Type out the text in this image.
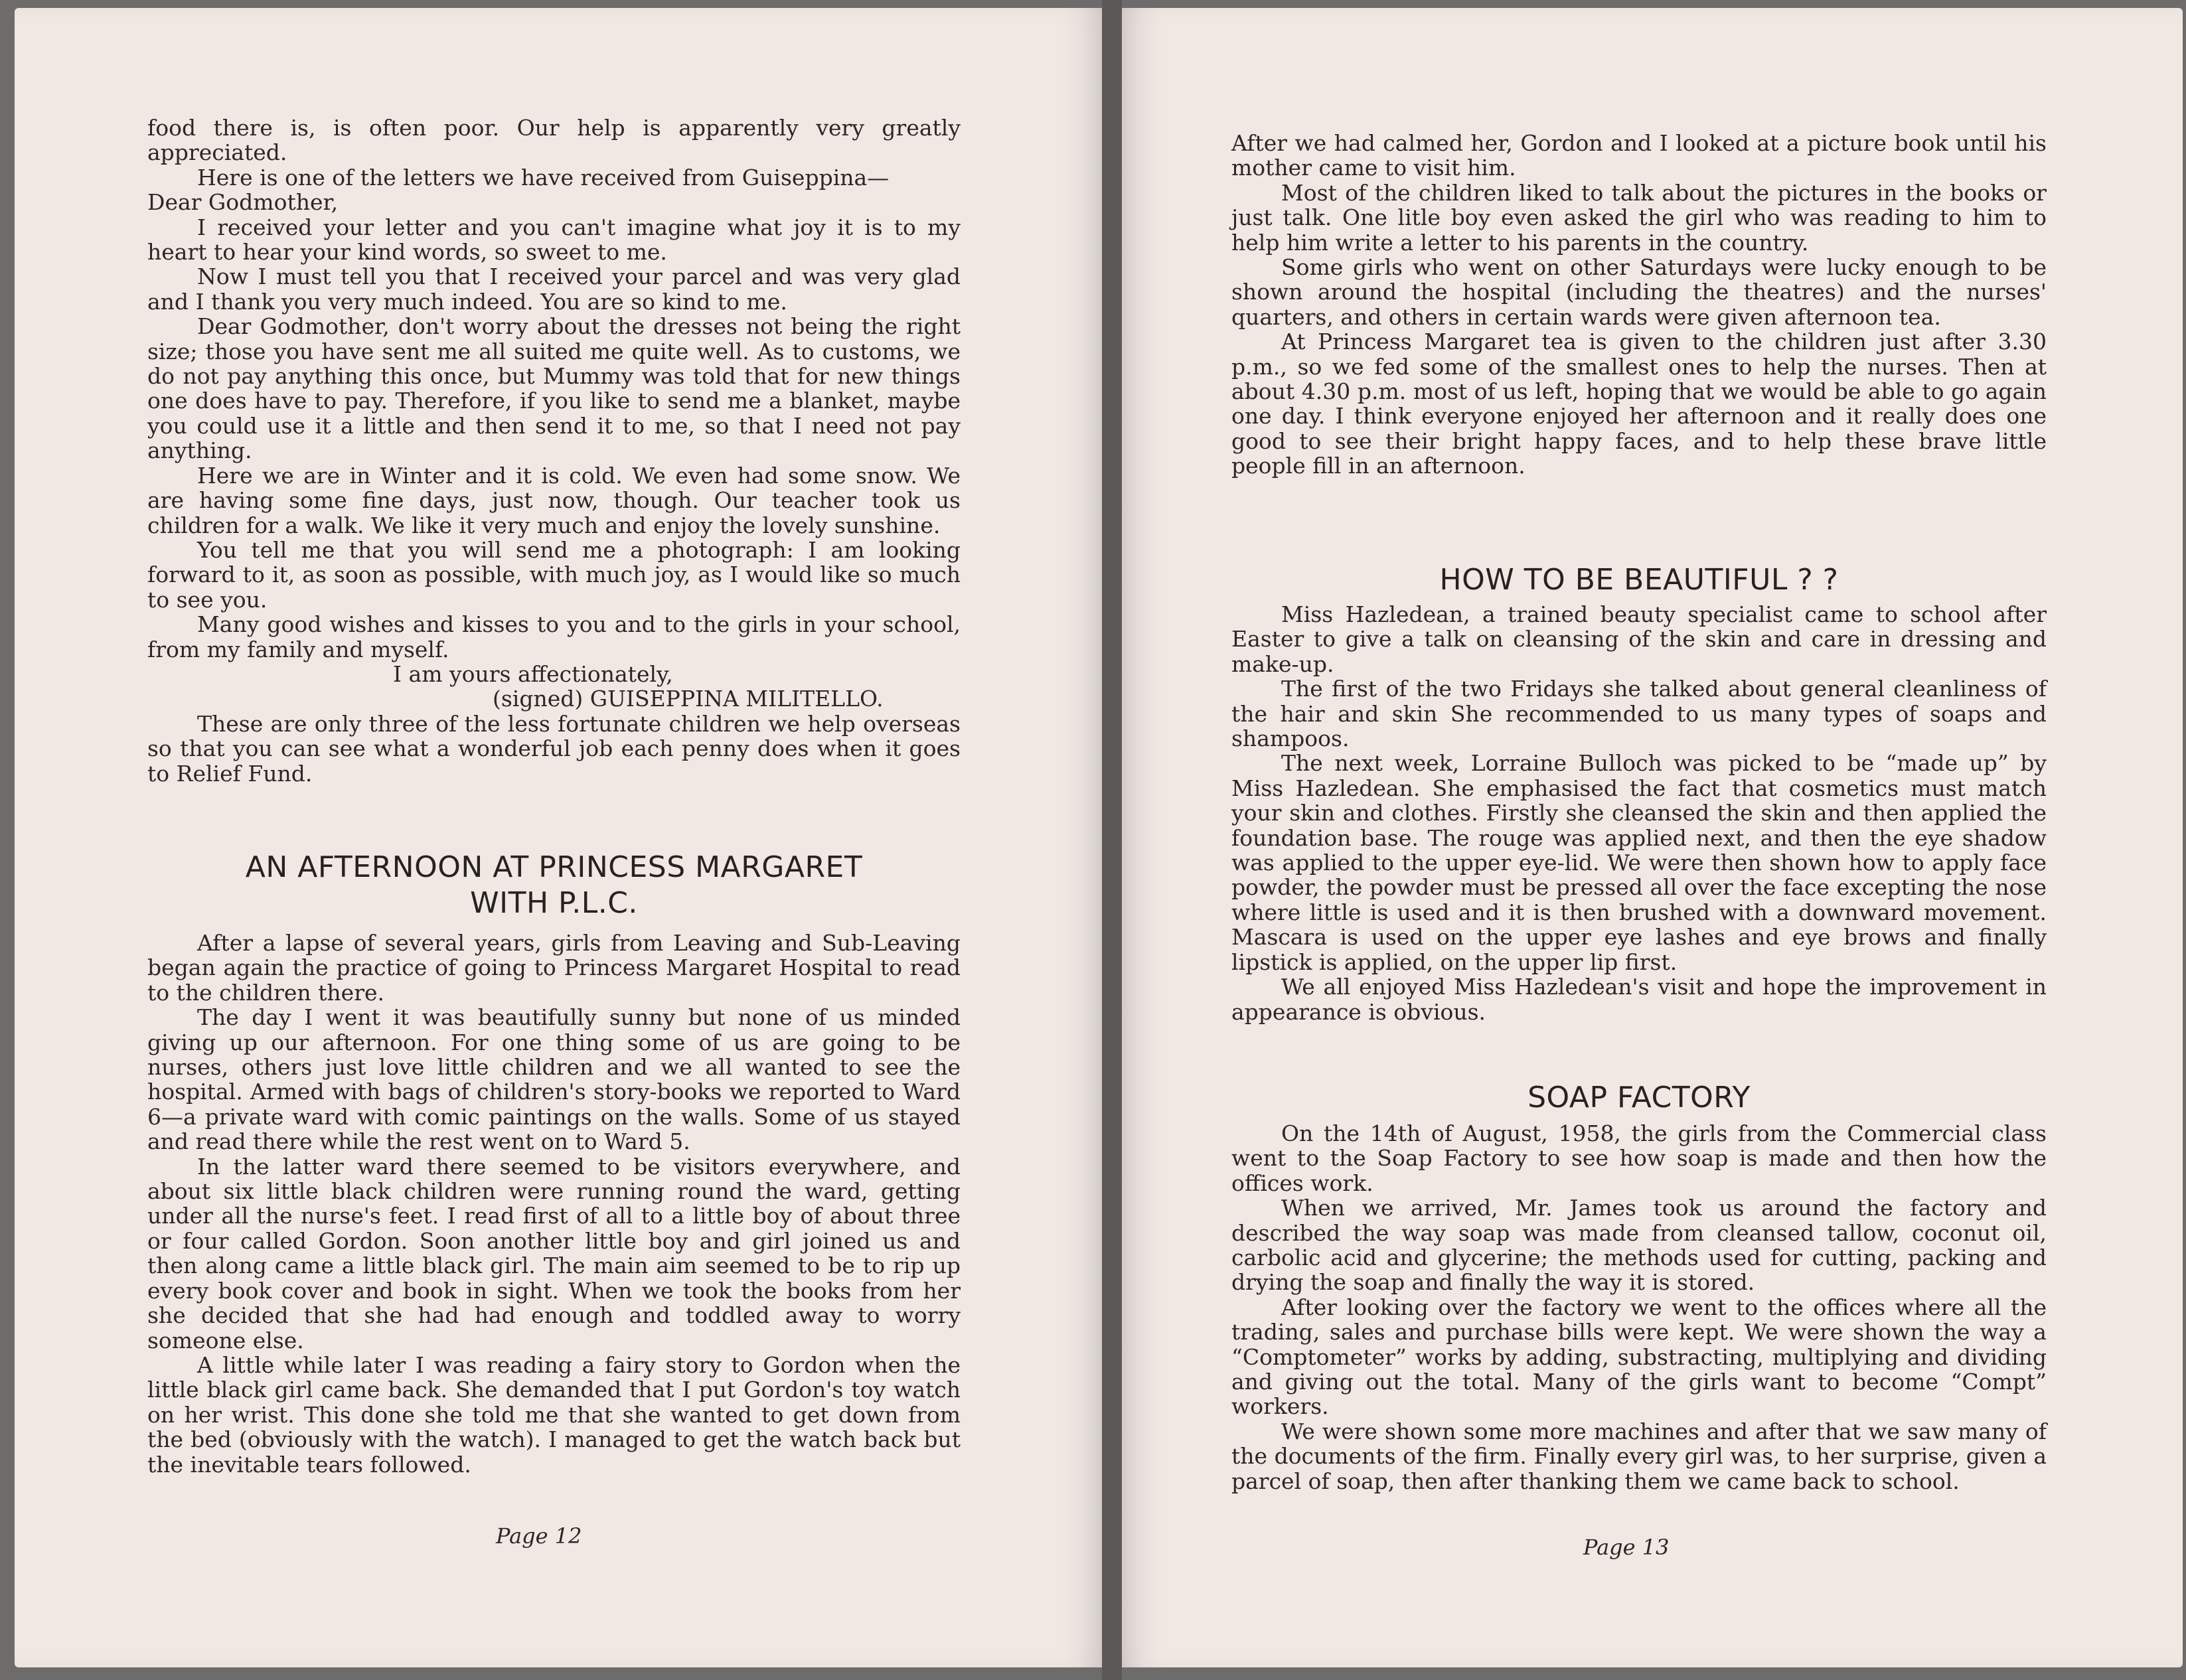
food there is, is often poor. Our help is apparently very greatly appreciated.

Here is one of the letters we have received from Guiseppina—

Dear Godmother,

I received your letter and you can't imagine what joy it is to my heart to hear your kind words, so sweet to me.

Now I must tell you that I received your parcel and was very glad and I thank you very much indeed. You are so kind to me.

Dear Godmother, don't worry about the dresses not being the right size; those you have sent me all suited me quite well. As to customs, we do not pay anything this once, but Mummy was told that for new things one does have to pay. Therefore, if you like to send me a blanket, maybe you could use it a little and then send it to me, so that I need not pay anything.

Here we are in Winter and it is cold. We even had some snow. We are having some fine days, just now, though. Our teacher took us children for a walk. We like it very much and enjoy the lovely sunshine.

You tell me that you will send me a photograph: I am looking forward to it, as soon as possible, with much joy, as I would like so much to see you.

Many good wishes and kisses to you and to the girls in your school, from my family and myself.

I am yours affectionately,

(signed) GUISEPPINA MILITELLO.

These are only three of the less fortunate children we help overseas so that you can see what a wonderful job each penny does when it goes to Relief Fund.

AN AFTERNOON AT PRINCESS MARGARET
WITH P.L.C.

After a lapse of several years, girls from Leaving and Sub-Leaving began again the practice of going to Princess Margaret Hospital to read to the children there.

The day I went it was beautifully sunny but none of us minded giving up our afternoon. For one thing some of us are going to be nurses, others just love little children and we all wanted to see the hospital. Armed with bags of children's story-books we reported to Ward 6—a private ward with comic paintings on the walls. Some of us stayed and read there while the rest went on to Ward 5.

In the latter ward there seemed to be visitors everywhere, and about six little black children were running round the ward, getting under all the nurse's feet. I read first of all to a little boy of about three or four called Gordon. Soon another little boy and girl joined us and then along came a little black girl. The main aim seemed to be to rip up every book cover and book in sight. When we took the books from her she decided that she had had enough and toddled away to worry someone else.

A little while later I was reading a fairy story to Gordon when the little black girl came back. She demanded that I put Gordon's toy watch on her wrist. This done she told me that she wanted to get down from the bed (obviously with the watch). I managed to get the watch back but the inevitable tears followed.

Page 12

After we had calmed her, Gordon and I looked at a picture book until his mother came to visit him.

Most of the children liked to talk about the pictures in the books or just talk. One litle boy even asked the girl who was reading to him to help him write a letter to his parents in the country.

Some girls who went on other Saturdays were lucky enough to be shown around the hospital (including the theatres) and the nurses' quarters, and others in certain wards were given afternoon tea.

At Princess Margaret tea is given to the children just after 3.30 p.m., so we fed some of the smallest ones to help the nurses. Then at about 4.30 p.m. most of us left, hoping that we would be able to go again one day. I think everyone enjoyed her afternoon and it really does one good to see their bright happy faces, and to help these brave little people fill in an afternoon.

HOW TO BE BEAUTIFUL ? ?

Miss Hazledean, a trained beauty specialist came to school after Easter to give a talk on cleansing of the skin and care in dressing and make-up.

The first of the two Fridays she talked about general cleanliness of the hair and skin She recommended to us many types of soaps and shampoos.

The next week, Lorraine Bulloch was picked to be “made up” by Miss Hazledean. She emphasised the fact that cosmetics must match your skin and clothes. Firstly she cleansed the skin and then applied the foundation base. The rouge was applied next, and then the eye shadow was applied to the upper eye-lid. We were then shown how to apply face powder, the powder must be pressed all over the face excepting the nose where little is used and it is then brushed with a downward movement. Mascara is used on the upper eye lashes and eye brows and finally lipstick is applied, on the upper lip first.

We all enjoyed Miss Hazledean's visit and hope the improvement in appearance is obvious.

SOAP FACTORY

On the 14th of August, 1958, the girls from the Commercial class went to the Soap Factory to see how soap is made and then how the offices work.

When we arrived, Mr. James took us around the factory and described the way soap was made from cleansed tallow, coconut oil, carbolic acid and glycerine; the methods used for cutting, packing and drying the soap and finally the way it is stored.

After looking over the factory we went to the offices where all the trading, sales and purchase bills were kept. We were shown the way a “Comptometer” works by adding, substracting, multiplying and dividing and giving out the total. Many of the girls want to become “Compt” workers.

We were shown some more machines and after that we saw many of the documents of the firm. Finally every girl was, to her surprise, given a parcel of soap, then after thanking them we came back to school.

Page 13
